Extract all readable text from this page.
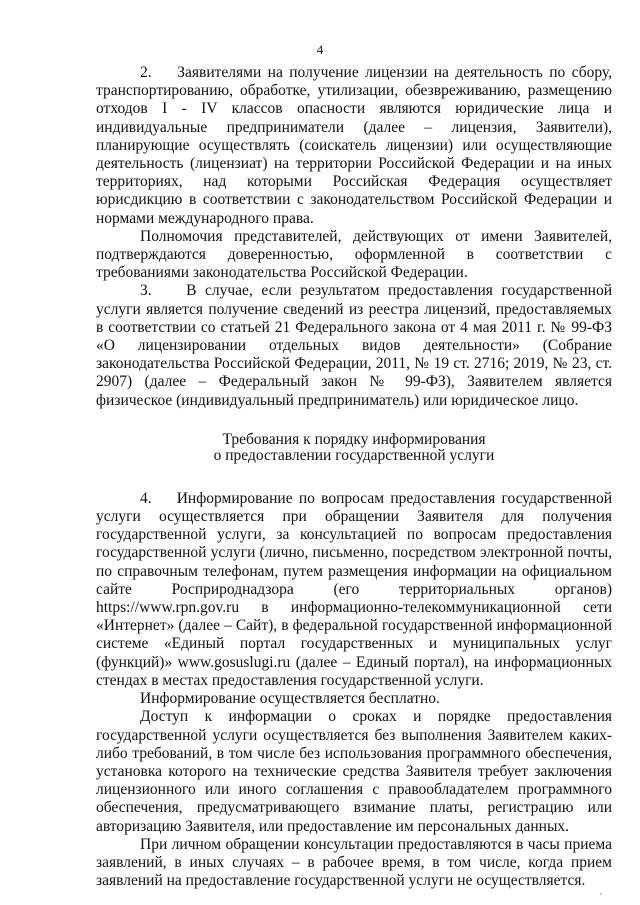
4

2.    Заявителями на получение лицензии на деятельность по сбору, транспортированию, обработке, утилизации, обезвреживанию, размещению отходов I - IV классов опасности являются юридические лица и индивидуальные предприниматели (далее – лицензия, Заявители), планирующие осуществлять (соискатель лицензии) или осуществляющие деятельность (лицензиат) на территории Российской Федерации и на иных территориях, над которыми Российская Федерация осуществляет юрисдикцию в соответствии с законодательством Российской Федерации и нормами международного права.

Полномочия представителей, действующих от имени Заявителей, подтверждаются доверенностью, оформленной в соответствии с требованиями законодательства Российской Федерации.

3.    В случае, если результатом предоставления государственной услуги является получение сведений из реестра лицензий, предоставляемых в соответствии со статьей 21 Федерального закона от 4 мая 2011 г. № 99-ФЗ «О лицензировании отдельных видов деятельности» (Собрание законодательства Российской Федерации, 2011, № 19 ст. 2716; 2019, № 23, ст. 2907) (далее – Федеральный закон № 99-ФЗ), Заявителем является физическое (индивидуальный предприниматель) или юридическое лицо.

Требования к порядку информирования
о предоставлении государственной услуги

4.    Информирование по вопросам предоставления государственной услуги осуществляется при обращении Заявителя для получения государственной услуги, за консультацией по вопросам предоставления государственной услуги (лично, письменно, посредством электронной почты, по справочным телефонам, путем размещения информации на официальном сайте Росприроднадзора (его территориальных органов) https://www.rpn.gov.ru в информационно-телекоммуникационной сети «Интернет» (далее – Сайт), в федеральной государственной информационной системе «Единый портал государственных и муниципальных услуг (функций)» www.gosuslugi.ru (далее – Единый портал), на информационных стендах в местах предоставления государственной услуги.

Информирование осуществляется бесплатно.

Доступ к информации о сроках и порядке предоставления государственной услуги осуществляется без выполнения Заявителем каких-либо требований, в том числе без использования программного обеспечения, установка которого на технические средства Заявителя требует заключения лицензионного или иного соглашения с правообладателем программного обеспечения, предусматривающего взимание платы, регистрацию или авторизацию Заявителя, или предоставление им персональных данных.

При личном обращении консультации предоставляются в часы приема заявлений, в иных случаях – в рабочее время, в том числе, когда прием заявлений на предоставление государственной услуги не осуществляется.
